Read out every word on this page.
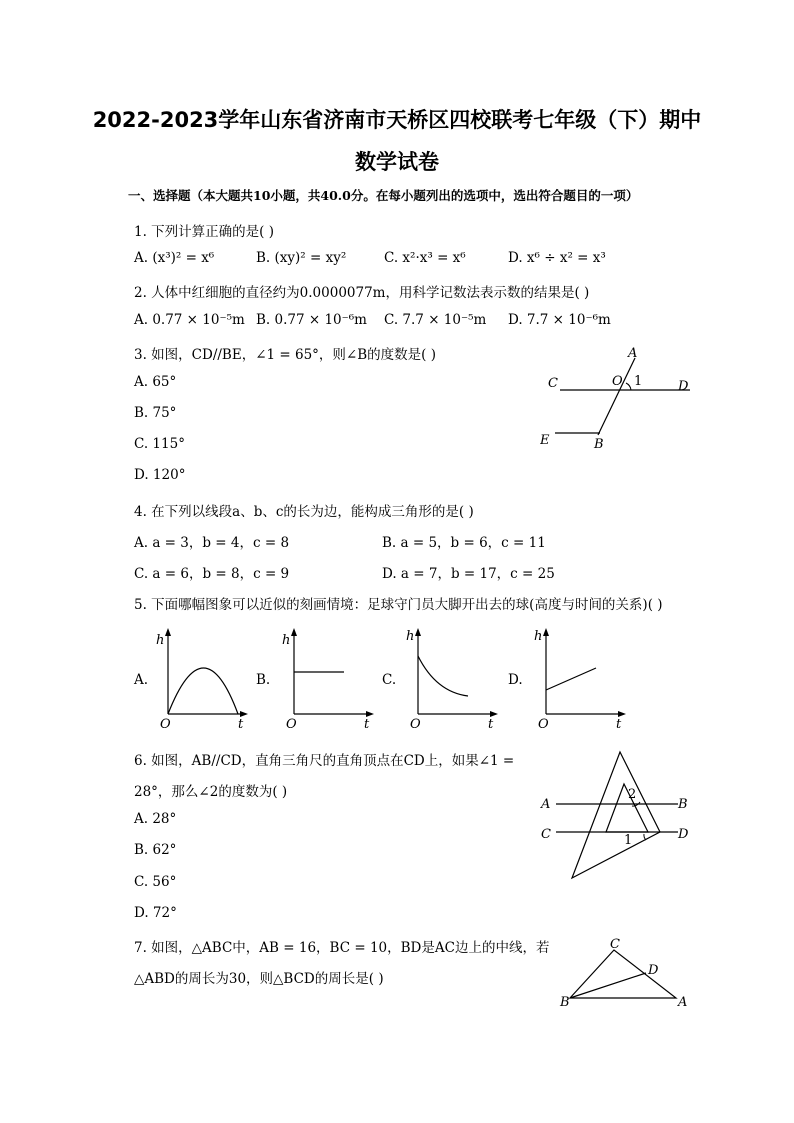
2022-2023学年山东省济南市天桥区四校联考七年级（下）期中
数学试卷
一、选择题（本大题共10小题，共40.0分。在每小题列出的选项中，选出符合题目的一项）
1. 下列计算正确的是( )
A. (x³)² = x⁶	B. (xy)² = xy²	C. x²·x³ = x⁶	D. x⁶ ÷ x² = x³
2. 人体中红细胞的直径约为0.0000077m，用科学记数法表示数的结果是( )
A. 0.77 × 10⁻⁵m B. 0.77 × 10⁻⁶m C. 7.7 × 10⁻⁵m D. 7.7 × 10⁻⁶m
3. 如图，CD//BE，∠1 = 65°，则∠B的度数是( )
A. 65°
B. 75°
C. 115°
D. 120°
A
C	O 1	D
E	B
4. 在下列以线段a、b、c的长为边，能构成三角形的是( )
A. a = 3，b = 4，c = 8	B. a = 5，b = 6，c = 11
C. a = 6，b = 8，c = 9	D. a = 7，b = 17，c = 25
5. 下面哪幅图象可以近似的刻画情境：足球守门员大脚开出去的球(高度与时间的关系)( )
A.	B.	C.	D.
h
O	t
h
O	t
h
O	t
h
O	t
6. 如图，AB//CD，直角三角尺的直角顶点在CD上，如果∠1 =
28°，那么∠2的度数为( )
A. 28°
B. 62°
C. 56°
D. 72°
A	B
C	D
1
2
7. 如图，△ABC中，AB = 16，BC = 10，BD是AC边上的中线，若
△ABD的周长为30，则△BCD的周长是( )
C
D
B	A
